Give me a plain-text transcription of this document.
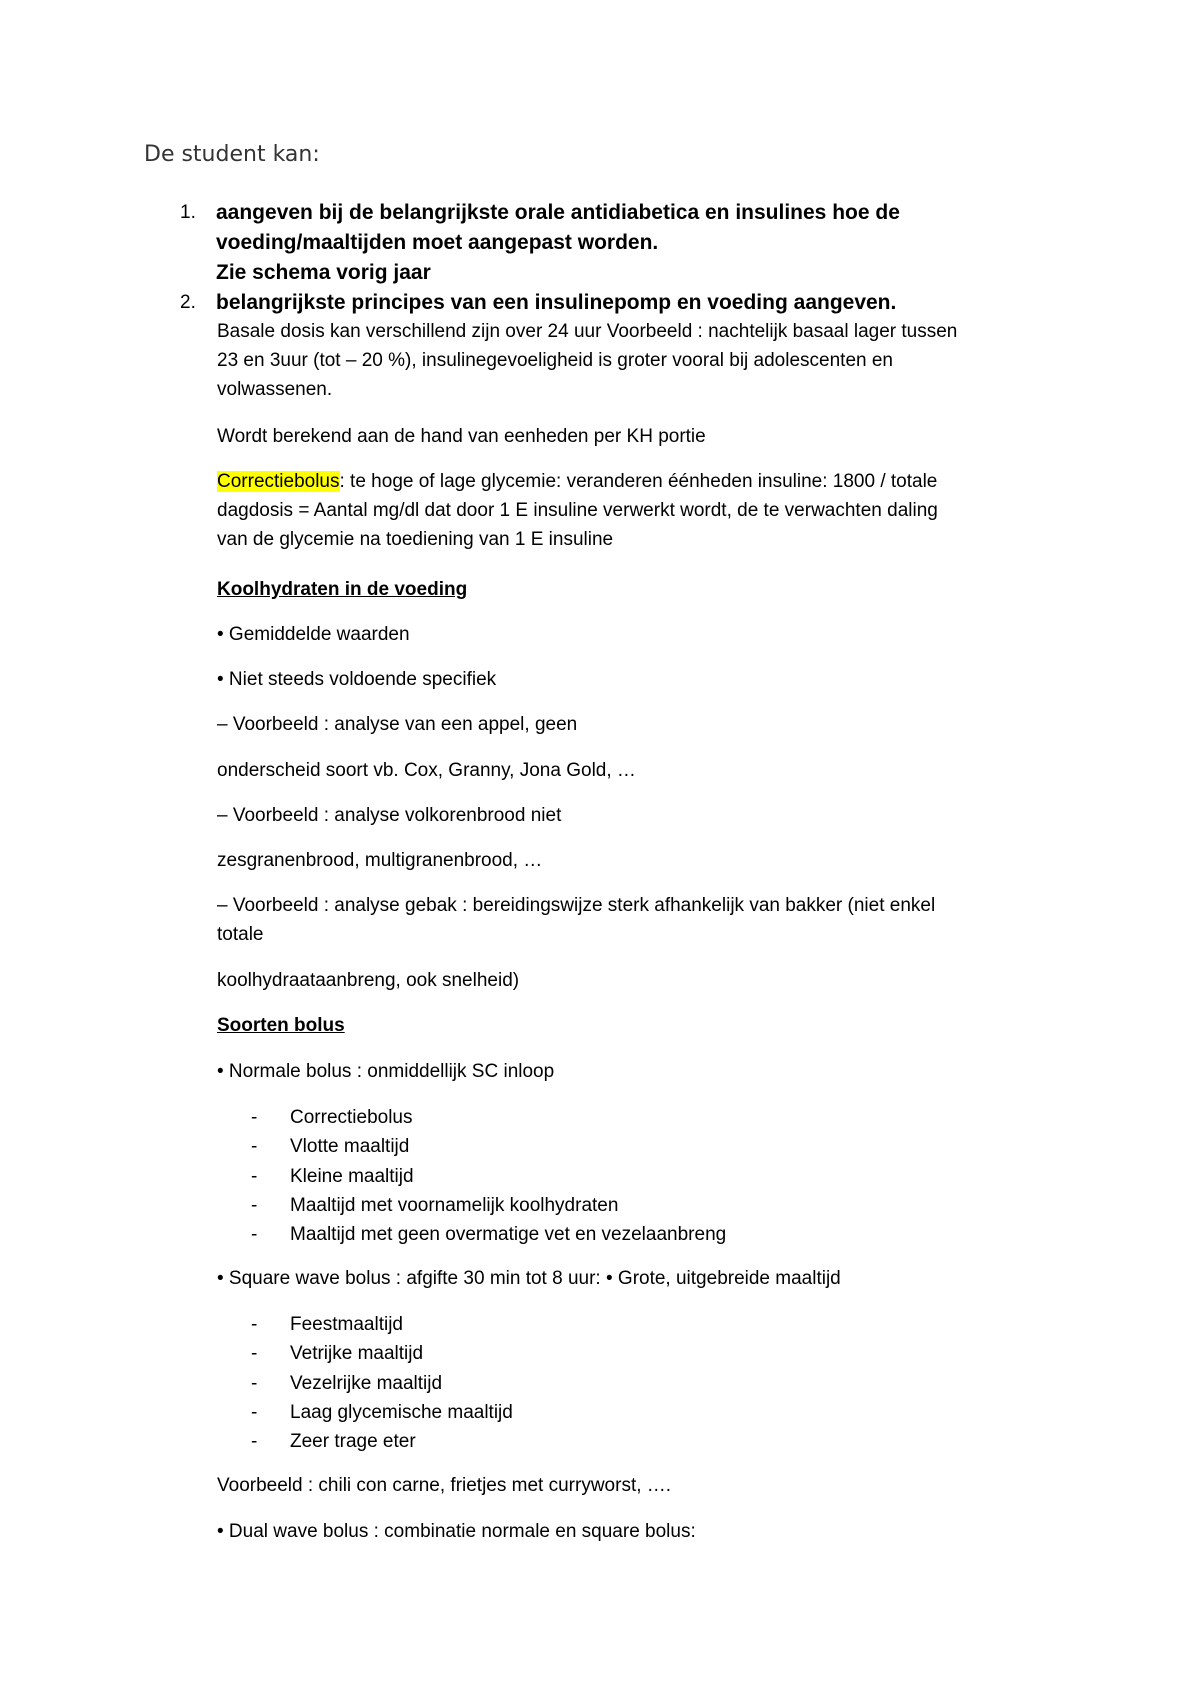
De student kan:
1. aangeven bij de belangrijkste orale antidiabetica en insulines hoe de
voeding/maaltijden moet aangepast worden.
Zie schema vorig jaar
2. belangrijkste principes van een insulinepomp en voeding aangeven.
Basale dosis kan verschillend zijn over 24 uur Voorbeeld : nachtelijk basaal lager tussen
23 en 3uur (tot – 20 %), insulinegevoeligheid is groter vooral bij adolescenten en
volwassenen.
Wordt berekend aan de hand van eenheden per KH portie
Correctiebolus: te hoge of lage glycemie: veranderen éénheden insuline: 1800 / totale
dagdosis = Aantal mg/dl dat door 1 E insuline verwerkt wordt, de te verwachten daling
van de glycemie na toediening van 1 E insuline
Koolhydraten in de voeding
• Gemiddelde waarden
• Niet steeds voldoende specifiek
– Voorbeeld : analyse van een appel, geen
onderscheid soort vb. Cox, Granny, Jona Gold, …
– Voorbeeld : analyse volkorenbrood niet
zesgranenbrood, multigranenbrood, …
– Voorbeeld : analyse gebak : bereidingswijze sterk afhankelijk van bakker (niet enkel
totale
koolhydraataanbreng, ook snelheid)
Soorten bolus
• Normale bolus : onmiddellijk SC inloop
- Correctiebolus
- Vlotte maaltijd
- Kleine maaltijd
- Maaltijd met voornamelijk koolhydraten
- Maaltijd met geen overmatige vet en vezelaanbreng
• Square wave bolus : afgifte 30 min tot 8 uur: • Grote, uitgebreide maaltijd
- Feestmaaltijd
- Vetrijke maaltijd
- Vezelrijke maaltijd
- Laag glycemische maaltijd
- Zeer trage eter
Voorbeeld : chili con carne, frietjes met curryworst, ….
• Dual wave bolus : combinatie normale en square bolus:
